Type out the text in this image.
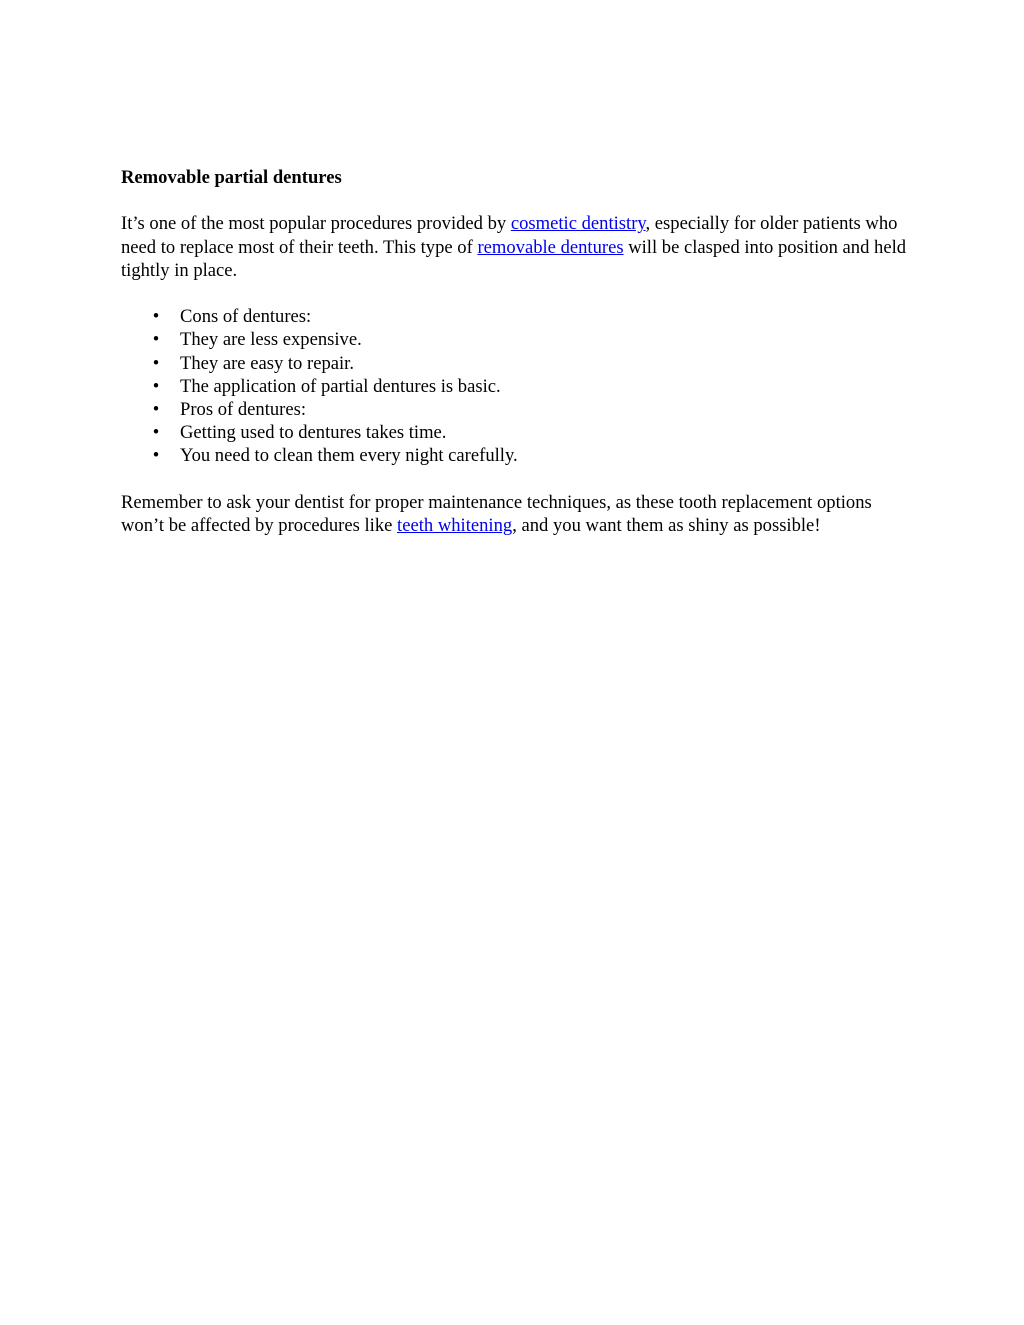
Removable partial dentures
It’s one of the most popular procedures provided by cosmetic dentistry, especially for older patients who need to replace most of their teeth. This type of removable dentures will be clasped into position and held tightly in place.
• Cons of dentures:
• They are less expensive.
• They are easy to repair.
• The application of partial dentures is basic.
• Pros of dentures:
• Getting used to dentures takes time.
• You need to clean them every night carefully.
Remember to ask your dentist for proper maintenance techniques, as these tooth replacement options won’t be affected by procedures like teeth whitening, and you want them as shiny as possible!
